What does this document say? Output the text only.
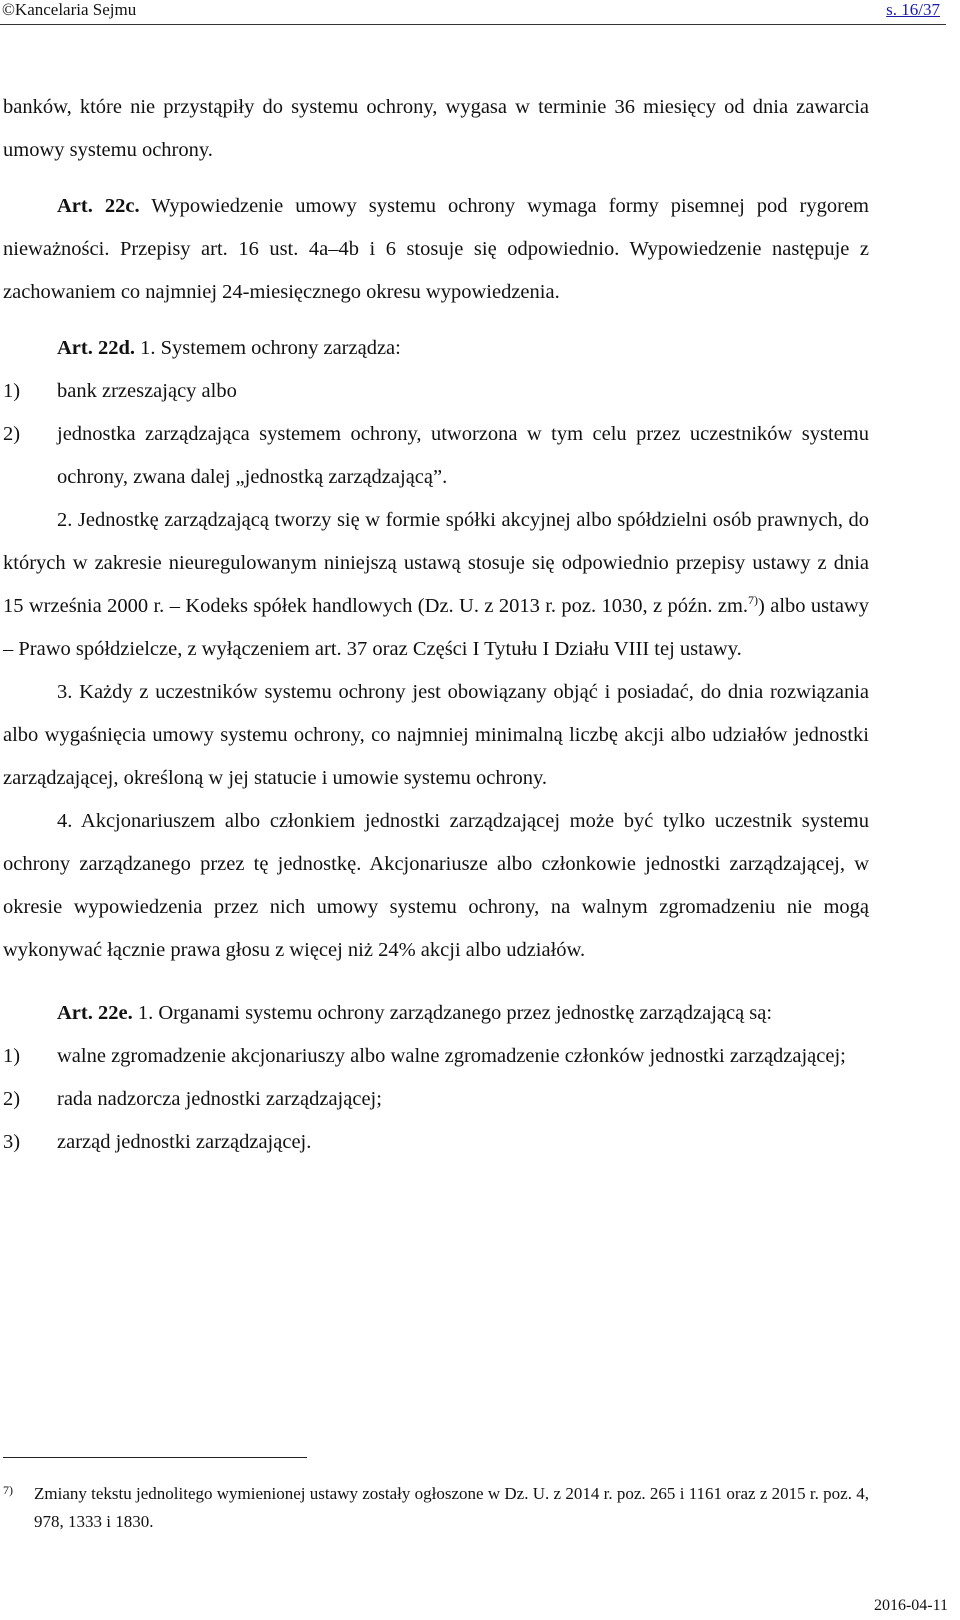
©Kancelaria Sejmu	s. 16/37

banków, które nie przystąpiły do systemu ochrony, wygasa w terminie 36 miesięcy od dnia zawarcia umowy systemu ochrony.

Art. 22c. Wypowiedzenie umowy systemu ochrony wymaga formy pisemnej pod rygorem nieważności. Przepisy art. 16 ust. 4a–4b i 6 stosuje się odpowiednio. Wypowiedzenie następuje z zachowaniem co najmniej 24-miesięcznego okresu wypowiedzenia.

Art. 22d. 1. Systemem ochrony zarządza:

1) bank zrzeszający albo

2) jednostka zarządzająca systemem ochrony, utworzona w tym celu przez uczestników systemu ochrony, zwana dalej „jednostką zarządzającą”.

2. Jednostkę zarządzającą tworzy się w formie spółki akcyjnej albo spółdzielni osób prawnych, do których w zakresie nieuregulowanym niniejszą ustawą stosuje się odpowiednio przepisy ustawy z dnia 15 września 2000 r. – Kodeks spółek handlowych (Dz. U. z 2013 r. poz. 1030, z późn. zm.$^{7)}$) albo ustawy – Prawo spółdzielcze, z wyłączeniem art. 37 oraz Części I Tytułu I Działu VIII tej ustawy.

3. Każdy z uczestników systemu ochrony jest obowiązany objąć i posiadać, do dnia rozwiązania albo wygaśnięcia umowy systemu ochrony, co najmniej minimalną liczbę akcji albo udziałów jednostki zarządzającej, określoną w jej statucie i umowie systemu ochrony.

4. Akcjonariuszem albo członkiem jednostki zarządzającej może być tylko uczestnik systemu ochrony zarządzanego przez tę jednostkę. Akcjonariusze albo członkowie jednostki zarządzającej, w okresie wypowiedzenia przez nich umowy systemu ochrony, na walnym zgromadzeniu nie mogą wykonywać łącznie prawa głosu z więcej niż 24% akcji albo udziałów.

Art. 22e. 1. Organami systemu ochrony zarządzanego przez jednostkę zarządzającą są:

1) walne zgromadzenie akcjonariuszy albo walne zgromadzenie członków jednostki zarządzającej;

2) rada nadzorcza jednostki zarządzającej;

3) zarząd jednostki zarządzającej.

7) Zmiany tekstu jednolitego wymienionej ustawy zostały ogłoszone w Dz. U. z 2014 r. poz. 265 i 1161 oraz z 2015 r. poz. 4, 978, 1333 i 1830.
2016-04-11
